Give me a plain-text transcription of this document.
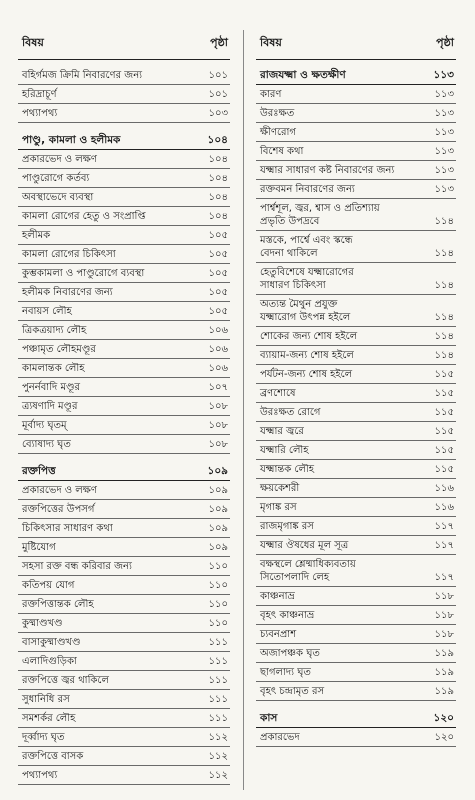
বিষয়	পৃষ্ঠা
বহির্গমজ ক্রিমি নিবারণের জন্য	১০১
হরিদ্রাচূর্ণ	১০১
পথ্যাপথ্য	১০৩
পাণ্ডু, কামলা ও হলীমক	১০৪
প্রকারভেদ ও লক্ষণ	১০৪
পাণ্ডুরোগে কর্তব্য	১০৪
অবস্থাভেদে ব্যবস্থা	১০৪
কামলা রোগের হেতু ও সংপ্রাপ্তি	১০৪
হলীমক	১০৫
কামলা রোগের চিকিৎসা	১০৫
কুম্ভকামলা ও পাণ্ডুরোগে ব্যবস্থা	১০৫
হলীমক নিবারণের জন্য	১০৫
নবায়স লৌহ	১০৫
ত্রিকত্রয়াদ্য লৌহ	১০৬
পঞ্চামৃত লৌহমণ্ডূর	১০৬
কামলান্তক লৌহ	১০৬
পুনর্নবাদি মণ্ডূর	১০৭
ত্র্যষণাদি মণ্ডূর	১০৮
মূর্বাদ্য ঘৃতম্	১০৮
ব্যোষাদ্য ঘৃত	১০৮
রক্তপিত্ত	১০৯
প্রকারভেদ ও লক্ষণ	১০৯
রক্তপিত্তের উপসর্গ	১০৯
চিকিৎসার সাধারণ কথা	১০৯
মুষ্টিযোগ	১০৯
সহসা রক্ত বন্ধ করিবার জন্য	১১০
কতিপয় যোগ	১১০
রক্তপিত্তান্তক লৌহ	১১০
কুষ্মাণ্ডখণ্ড	১১০
বাসাকুষ্মাণ্ডখণ্ড	১১১
এলাদিগুড়িকা	১১১
রক্তপিত্তে জ্বর থাকিলে	১১১
সুধানিধি রস	১১১
সমশর্কর লৌহ	১১১
দূর্ব্বাদ্য ঘৃত	১১২
রক্তপিত্তে বাসক	১১২
পথ্যাপথ্য	১১২
বিষয়	পৃষ্ঠা
রাজযক্ষ্মা ও ক্ষতক্ষীণ	১১৩
কারণ	১১৩
উরঃক্ষত	১১৩
ক্ষীণরোগ	১১৩
বিশেষ কথা	১১৩
যক্ষ্মার সাধারণ কষ্ট নিবারণের জন্য	১১৩
রক্তবমন নিবারণের জন্য	১১৩
পার্শ্বশূল, জ্বর, শ্বাস ও প্রতিশ্যায়
প্রভৃতি উপদ্রবে	১১৪
মস্তকে, পার্শ্বে এবং স্কন্ধে
বেদনা থাকিলে	১১৪
হেতুবিশেষে যক্ষ্মারোগের
সাধারণ চিকিৎসা	১১৪
অত্যন্ত মৈথুন প্রযুক্ত
যক্ষ্মারোগ উৎপন্ন হইলে	১১৪
শোকের জন্য শোষ হইলে	১১৪
ব্যায়াম-জন্য শোষ হইলে	১১৪
পর্যটন-জন্য শোষ হইলে	১১৫
ব্রণশোষে	১১৫
উরঃক্ষত রোগে	১১৫
যক্ষ্মার জ্বরে	১১৫
যক্ষ্মারি লৌহ	১১৫
যক্ষ্মান্তক লৌহ	১১৫
ক্ষয়কেশরী	১১৬
মৃগাঙ্ক রস	১১৬
রাজমৃগাঙ্ক রস	১১৭
যক্ষ্মার ঔষধের মূল সূত্র	১১৭
বক্ষস্থলে শ্লেষ্মাধিক্যবতায়
সিতোপলাদি লেহ	১১৭
কাঞ্চনাভ্র	১১৮
বৃহৎ কাঞ্চনাভ্র	১১৮
চ্যবনপ্রাশ	১১৮
অজাপঞ্চক ঘৃত	১১৯
ছাগলাদ্য ঘৃত	১১৯
বৃহৎ চন্দ্রামৃত রস	১১৯
কাস	১২০
প্রকারভেদ	১২০
